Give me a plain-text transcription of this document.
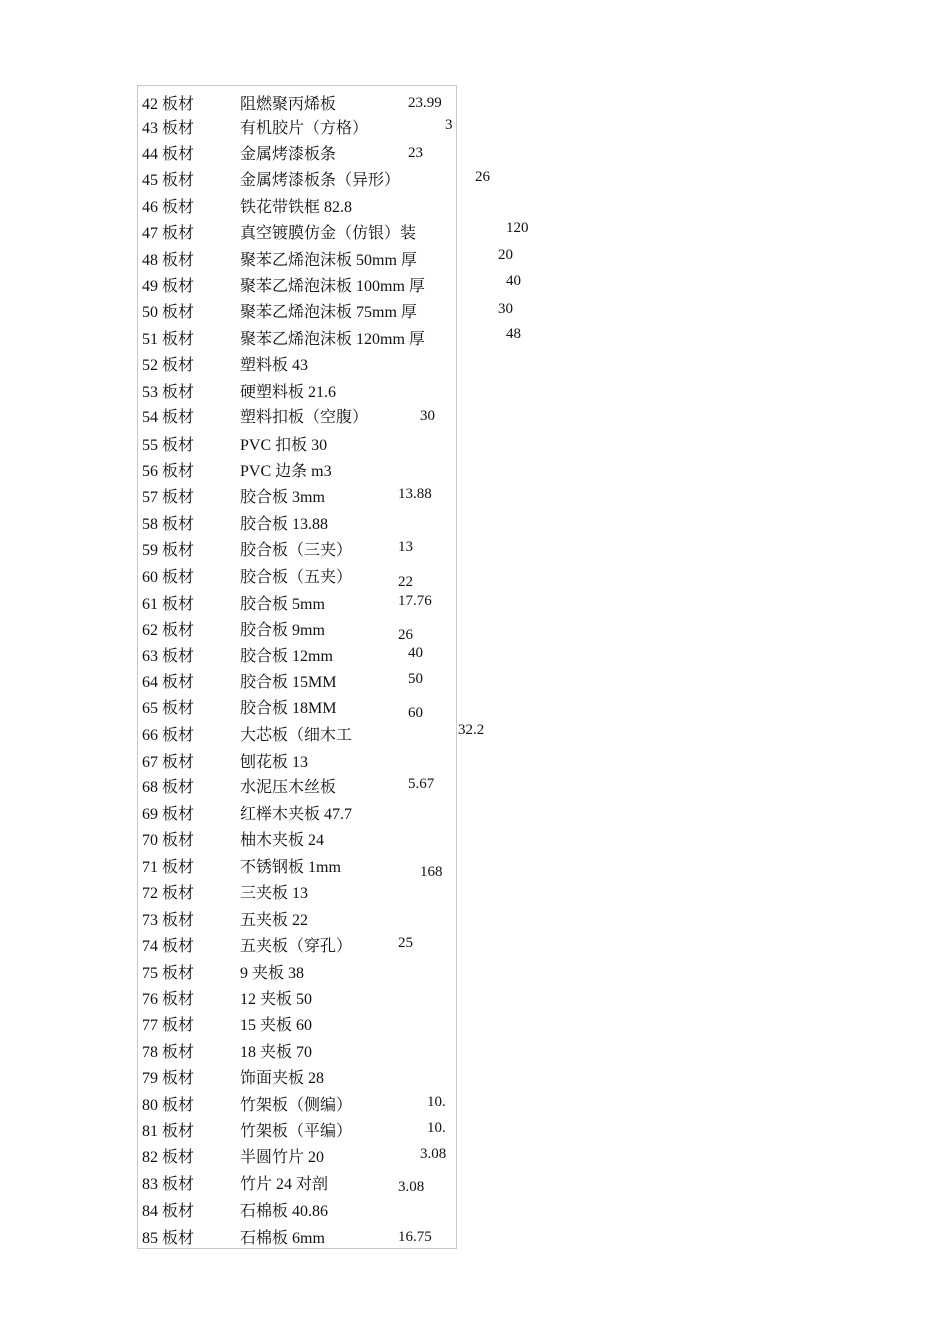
42 板材	阻燃聚丙烯板	23.99
43 板材	有机胶片（方格）	3
44 板材	金属烤漆板条	23
45 板材	金属烤漆板条（异形）	26
46 板材	铁花带铁框 82.8
47 板材	真空镀膜仿金（仿银）装	120
48 板材	聚苯乙烯泡沫板 50mm 厚	20
49 板材	聚苯乙烯泡沫板 100mm 厚	40
50 板材	聚苯乙烯泡沫板 75mm 厚	30
51 板材	聚苯乙烯泡沫板 120mm 厚	48
52 板材	塑料板 43
53 板材	硬塑料板 21.6
54 板材	塑料扣板（空腹）	30
55 板材	PVC 扣板 30
56 板材	PVC 边条 m3
57 板材	胶合板 3mm	13.88
58 板材	胶合板 13.88
59 板材	胶合板（三夹）	13
60 板材	胶合板（五夹）	22
61 板材	胶合板 5mm	17.76
62 板材	胶合板 9mm	26
63 板材	胶合板 12mm	40
64 板材	胶合板 15MM	50
65 板材	胶合板 18MM	60
66 板材	大芯板（细木工	32.2
67 板材	刨花板 13
68 板材	水泥压木丝板	5.67
69 板材	红榉木夹板 47.7
70 板材	柚木夹板 24
71 板材	不锈钢板 1mm	168
72 板材	三夹板 13
73 板材	五夹板 22
74 板材	五夹板（穿孔）	25
75 板材	9 夹板 38
76 板材	12 夹板 50
77 板材	15 夹板 60
78 板材	18 夹板 70
79 板材	饰面夹板 28
80 板材	竹架板（侧编）	10.
81 板材	竹架板（平编）	10.
82 板材	半圆竹片 20	3.08
83 板材	竹片 24 对剖	3.08
84 板材	石棉板 40.86
85 板材	石棉板 6mm	16.75
